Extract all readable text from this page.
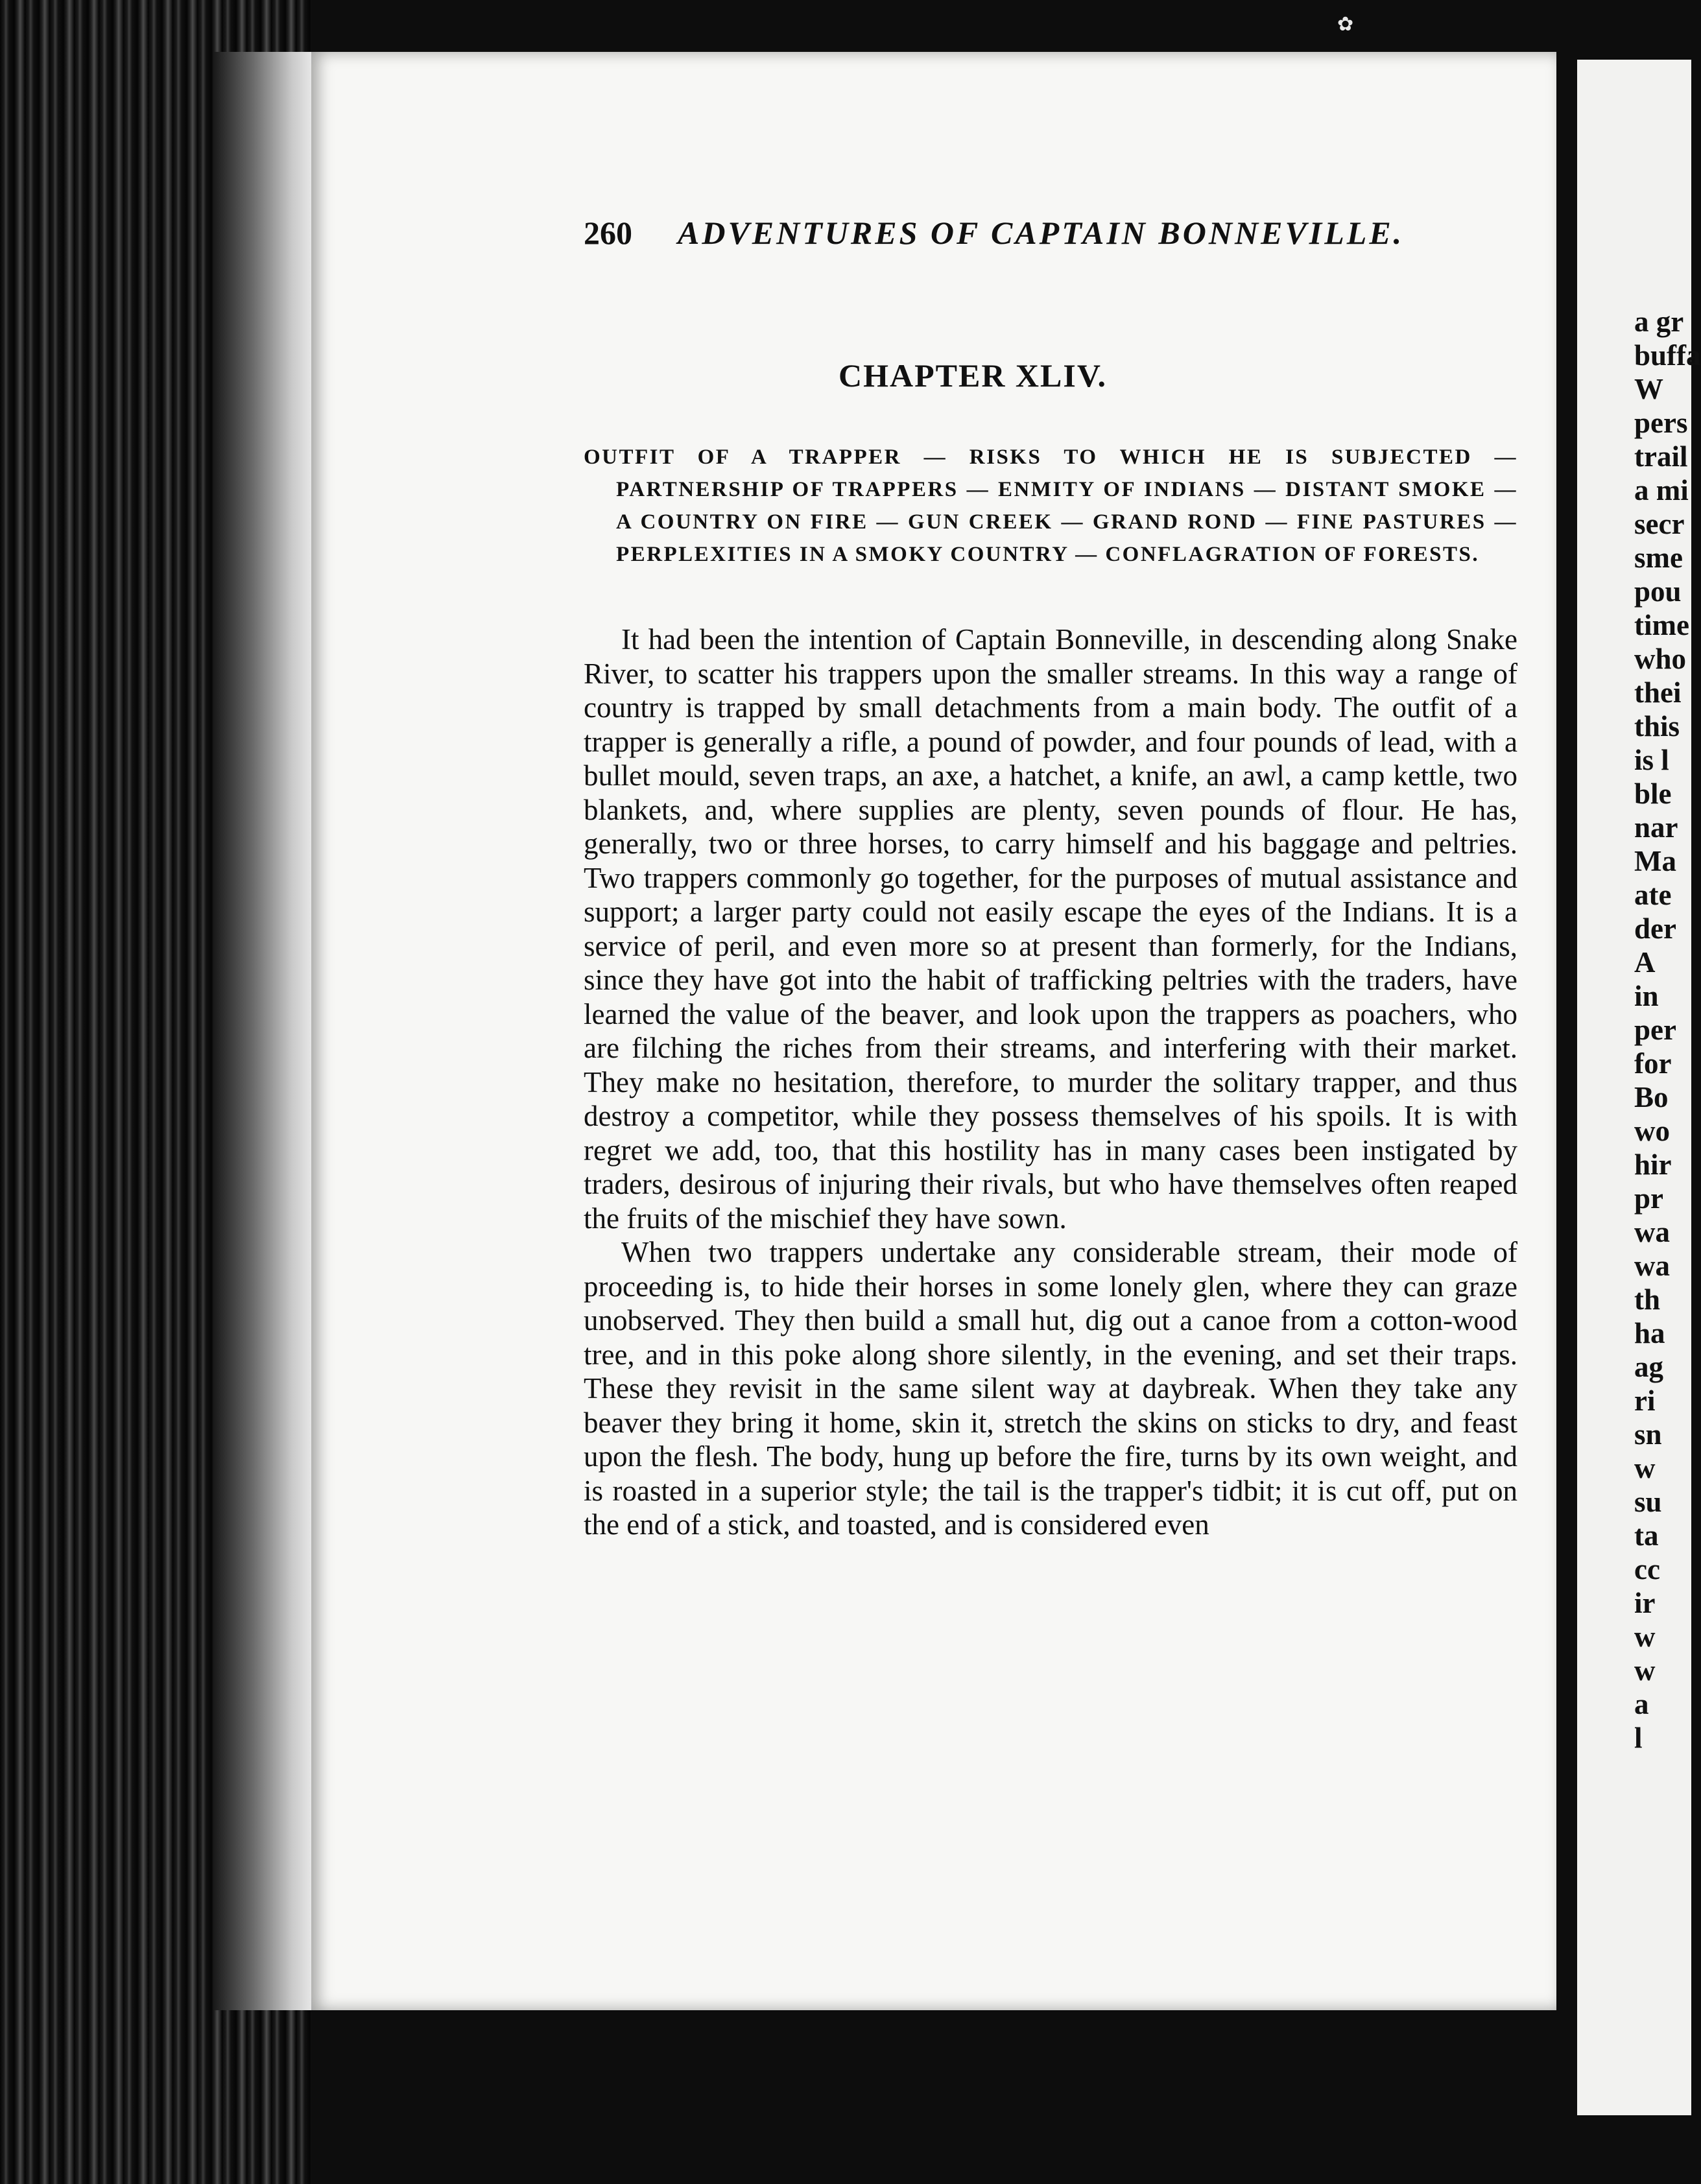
✿
260 ADVENTURES OF CAPTAIN BONNEVILLE.
CHAPTER XLIV.
OUTFIT OF A TRAPPER — RISKS TO WHICH HE IS SUBJECTED — PARTNERSHIP OF TRAPPERS — ENMITY OF INDIANS — DISTANT SMOKE — A COUNTRY ON FIRE — GUN CREEK — GRAND ROND — FINE PASTURES — PERPLEXITIES IN A SMOKY COUNTRY — CONFLAGRATION OF FORESTS.

It had been the intention of Captain Bonneville, in descending along Snake River, to scatter his trappers upon the smaller streams. In this way a range of country is trapped by small detachments from a main body. The outfit of a trapper is generally a rifle, a pound of powder, and four pounds of lead, with a bullet mould, seven traps, an axe, a hatchet, a knife, an awl, a camp kettle, two blankets, and, where supplies are plenty, seven pounds of flour. He has, generally, two or three horses, to carry himself and his baggage and peltries. Two trappers commonly go together, for the purposes of mutual assistance and support; a larger party could not easily escape the eyes of the Indians. It is a service of peril, and even more so at present than formerly, for the Indians, since they have got into the habit of trafficking peltries with the traders, have learned the value of the beaver, and look upon the trappers as poachers, who are filching the riches from their streams, and interfering with their market. They make no hesitation, therefore, to murder the solitary trapper, and thus destroy a competitor, while they possess themselves of his spoils. It is with regret we add, too, that this hostility has in many cases been instigated by traders, desirous of injuring their rivals, but who have themselves often reaped the fruits of the mischief they have sown.

When two trappers undertake any considerable stream, their mode of proceeding is, to hide their horses in some lonely glen, where they can graze unobserved. They then build a small hut, dig out a canoe from a cotton-wood tree, and in this poke along shore silently, in the evening, and set their traps. These they revisit in the same silent way at daybreak. When they take any beaver they bring it home, skin it, stretch the skins on sticks to dry, and feast upon the flesh. The body, hung up before the fire, turns by its own weight, and is roasted in a superior style; the tail is the trapper's tidbit; it is cut off, put on the end of a stick, and toasted, and is considered even

a gr
buffa
W
pers
trail
a mi
secr
sme
pou
time
who
thei
this
is l
ble
nar
Ma
ate
der
A
in
per
for
Bo
wo
hir
pr
wa
wa
th
ha
ag
ri
sn
w
su
ta
cc
ir
w
w
a
l
